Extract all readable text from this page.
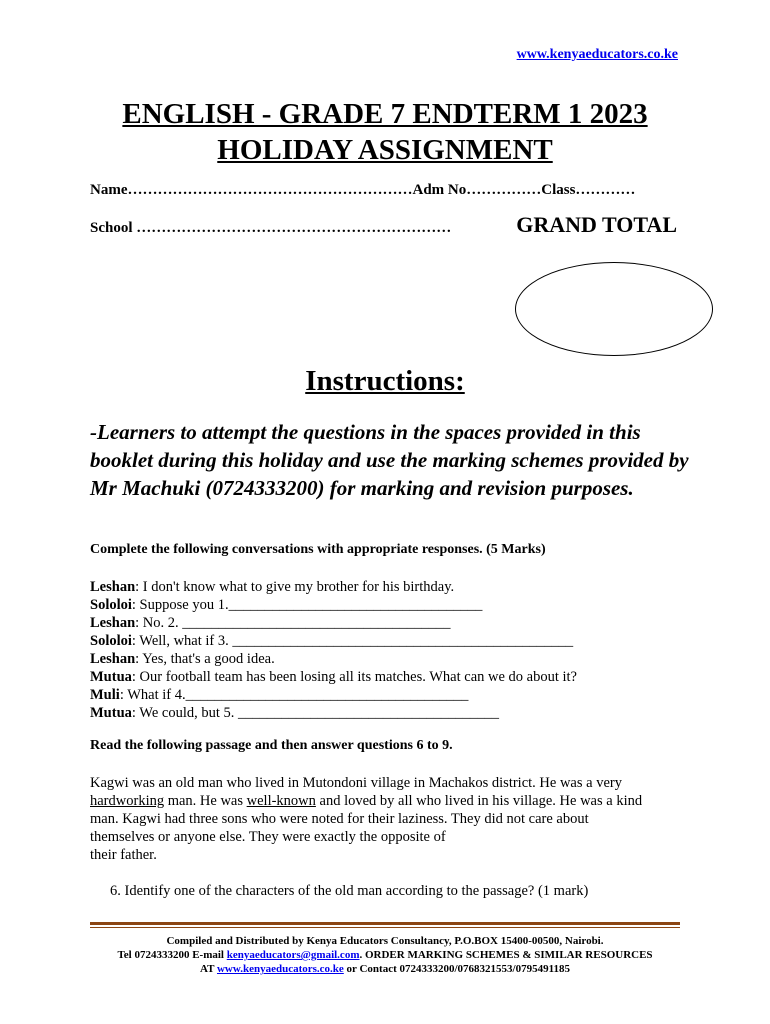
www.kenyaeducators.co.ke
ENGLISH - GRADE 7 ENDTERM 1 2023
HOLIDAY ASSIGNMENT
Name…………………………………………………Adm No……………Class…………
School ………………………………………………………	GRAND TOTAL
Instructions:
-Learners to attempt the questions in the spaces provided in this booklet during this holiday and use the marking schemes provided by Mr Machuki (0724333200) for marking and revision purposes.
Complete the following conversations with appropriate responses. (5 Marks)
Leshan: I don't know what to give my brother for his birthday.
Sololoi: Suppose you 1.___________________________________
Leshan: No. 2. _____________________________________
Sololoi: Well, what if 3. _______________________________________________
Leshan: Yes, that's a good idea.
Mutua: Our football team has been losing all its matches. What can we do about it?
Muli: What if 4._______________________________________
Mutua: We could, but 5. ____________________________________
Read the following passage and then answer questions 6 to 9.
Kagwi was an old man who lived in Mutondoni village in Machakos district. He was a very
hardworking man. He was well-known and loved by all who lived in his village. He was a kind
man. Kagwi had three sons who were noted for their laziness. They did not care about
themselves or anyone else. They were exactly the opposite of
their father.
6. Identify one of the characters of the old man according to the passage? (1 mark)
Compiled and Distributed by Kenya Educators Consultancy, P.O.BOX 15400-00500, Nairobi.
Tel 0724333200 E-mail kenyaeducators@gmail.com. ORDER MARKING SCHEMES & SIMILAR RESOURCES
AT www.kenyaeducators.co.ke or Contact 0724333200/0768321553/0795491185
